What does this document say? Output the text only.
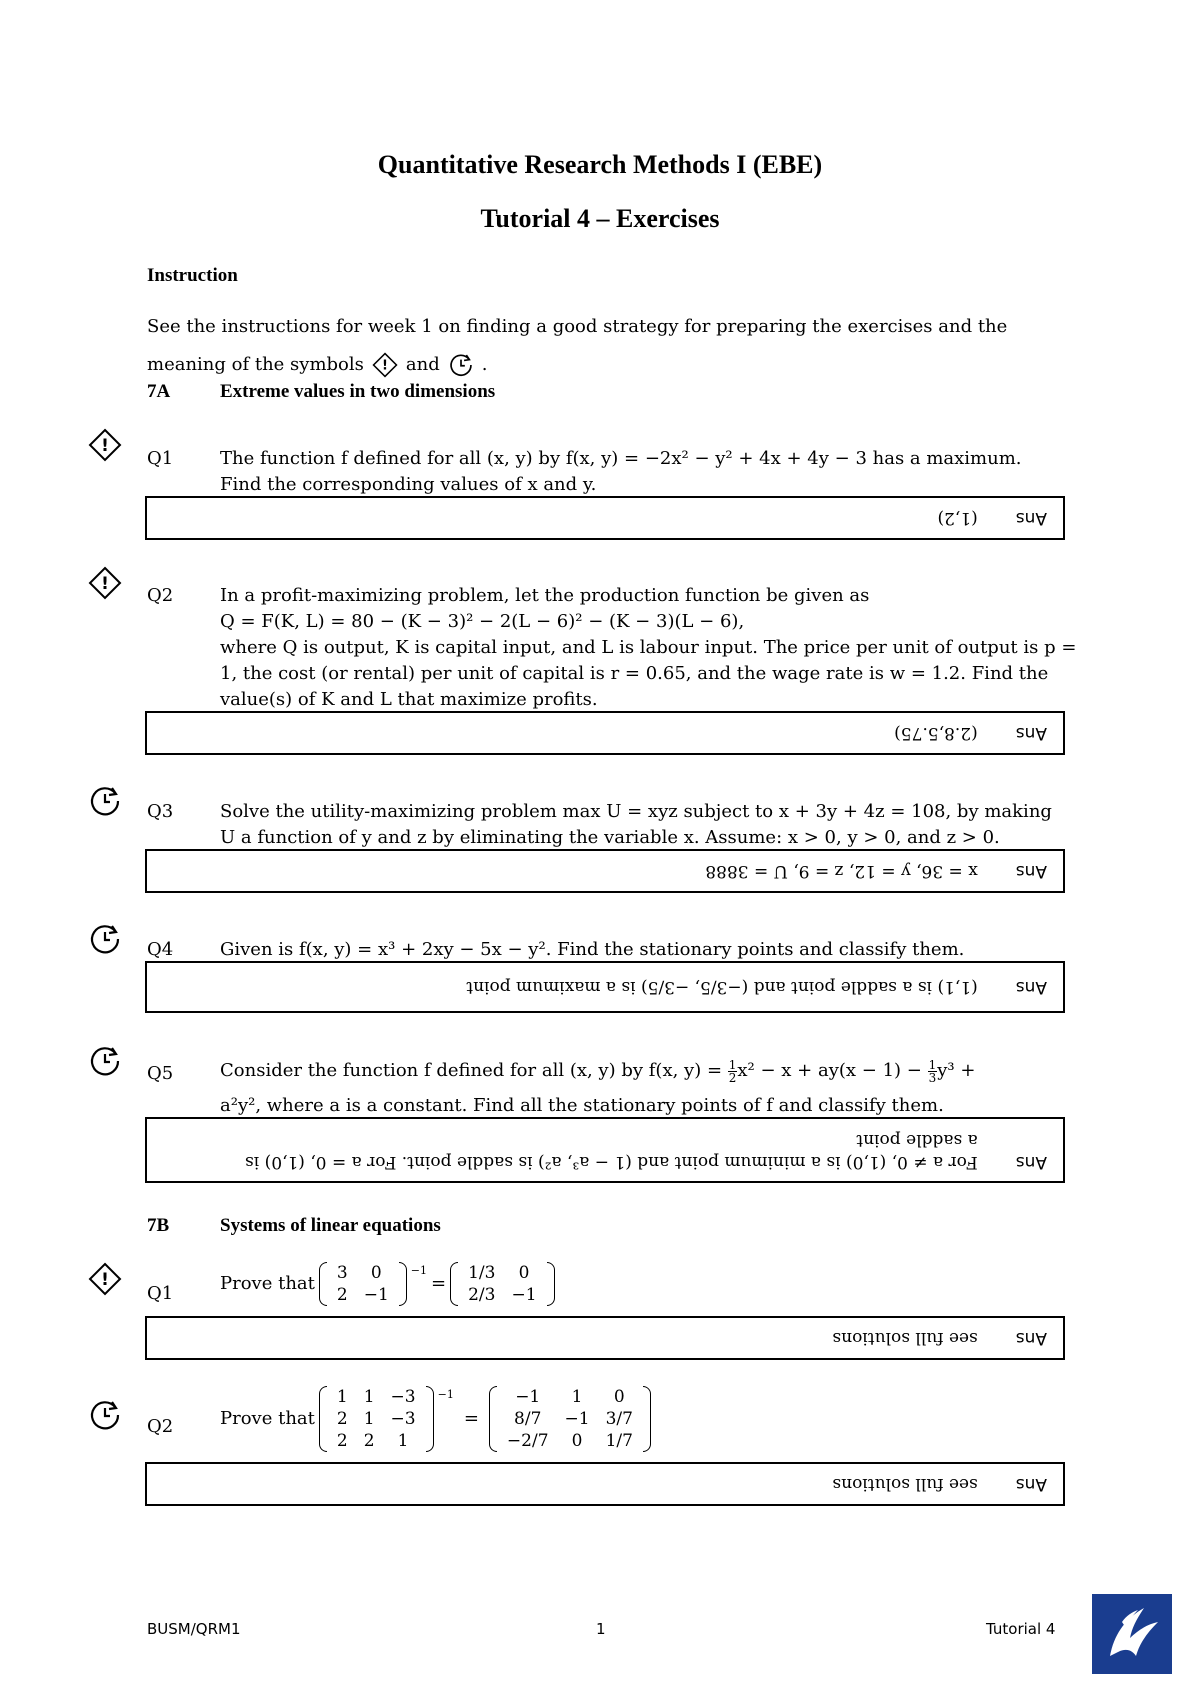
Quantitative Research Methods I (EBE)
Tutorial 4 – Exercises
Instruction
See the instructions for week 1 on finding a good strategy for preparing the exercises and the
meaning of the symbols ! and .
7A	Extreme values in two dimensions
!
Q1	The function f defined for all (x, y) by f(x, y) = −2x² − y² + 4x + 4y − 3 has a maximum.
Find the corresponding values of x and y.
Ans
(1,2)
!
Q2	In a profit-maximizing problem, let the production function be given as
Q = F(K, L) = 80 − (K − 3)² − 2(L − 6)² − (K − 3)(L − 6),
where Q is output, K is capital input, and L is labour input. The price per unit of output is p =
1, the cost (or rental) per unit of capital is r = 0.65, and the wage rate is w = 1.2. Find the
value(s) of K and L that maximize profits.
Ans
(2.8,5.75)
Q3	Solve the utility-maximizing problem max U = xyz subject to x + 3y + 4z = 108, by making
U a function of y and z by eliminating the variable x. Assume: x > 0, y > 0, and z > 0.
Ans
x = 36, y = 12, z = 9, U = 3888
Q4	Given is f(x, y) = x³ + 2xy − 5x − y². Find the stationary points and classify them.
Ans
(1,1) is a saddle point and (−3/5, −3/5) is a maximum point
Q5	Consider the function f defined for all (x, y) by f(x, $y) = \frac{1}{2} x^2 - x + ay(x - 1) - \frac{1}{3} y^3$ +
a²y², where a is a constant. Find all the stationary points of f and classify them.
Ans
For a ≠ 0, (1,0) is a minimum point and (1 − a³, a²) is saddle point. For a = 0, (1,0) is
a saddle point
7B	Systems of linear equations
!
Q1	Prove that 3	0
2	−1
$^{-1}$
= 1/3	0
2/3	−1
Ans
see full solutions
Q2	Prove that
1	1	−3
2	1	−3
2	2	1
$^{-1}$
=
−1	1	0
8/7	−1	3/7
−2/7	0	1/7
Ans
see full solutions
BUSM/QRM1	1	Tutorial 4
